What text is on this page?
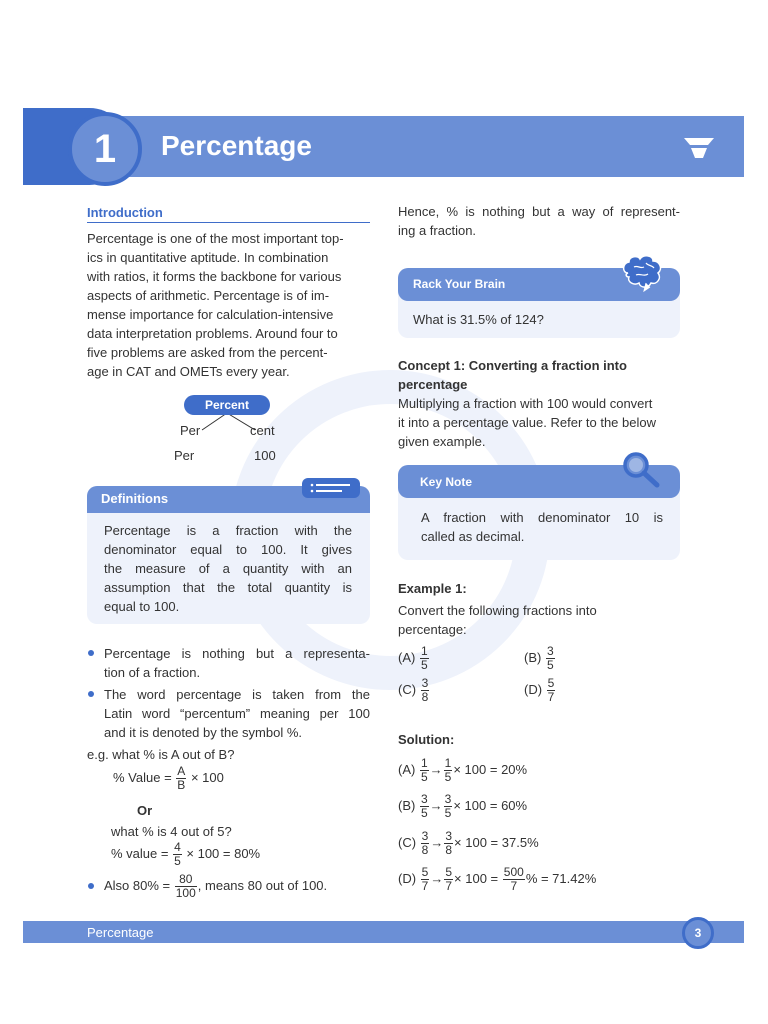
1	Percentage
Introduction
Percentage is one of the most important top-
ics in quantitative aptitude. In combination
with ratios, it forms the backbone for various
aspects of arithmetic. Percentage is of im-
mense importance for calculation-intensive
data interpretation problems. Around four to
five problems are asked from the percent-
age in CAT and OMETs every year.
Percent
Per	cent
Per	100
Definitions
Percentage is a fraction with the
denominator equal to 100. It gives
the measure of a quantity with an
assumption that the total quantity is
equal to 100.
Percentage is nothing but a representa-
tion of a fraction.
The word percentage is taken from the
Latin word “percentum” meaning per 100
and it is denoted by the symbol %.
e.g. what % is A out of B?
% Value = $\frac{A}{B} \times 100$
Or
what % is 4 out of 5?
% value = $\frac{4}{5} \times 100 = 80\%$
Also $80\% = \frac{80}{100}$ , means 80 out of 100.
Hence, % is nothing but a way of represent-
ing a fraction.
Rack Your Brain
What is 31.5% of 124?
Concept 1: Converting a fraction into
percentage
Multiplying a fraction with 100 would convert
it into a percentage value. Refer to the below
given example.
Key Note
A fraction with denominator 10 is
called as decimal.
Example 1:
Convert the following fractions into
percentage:
$(A) \frac{1}{5}$	$(B) \frac{3}{5}$
$(C) \frac{3}{8}$	$(D) \frac{5}{7}$
Solution:
$(A) \frac{1}{5} \to \frac{1}{5} \times 100 = 20\%$
$(B) \frac{3}{5} \to \frac{3}{5} \times 100 = 60\%$
$(C) \frac{3}{8} \to \frac{3}{8} \times 100 = 37.5\%$
$(D) \frac{5}{7} \to \frac{5}{7} \times 100 = \frac{500}{7}$ % = 71.42%
Percentage	3
